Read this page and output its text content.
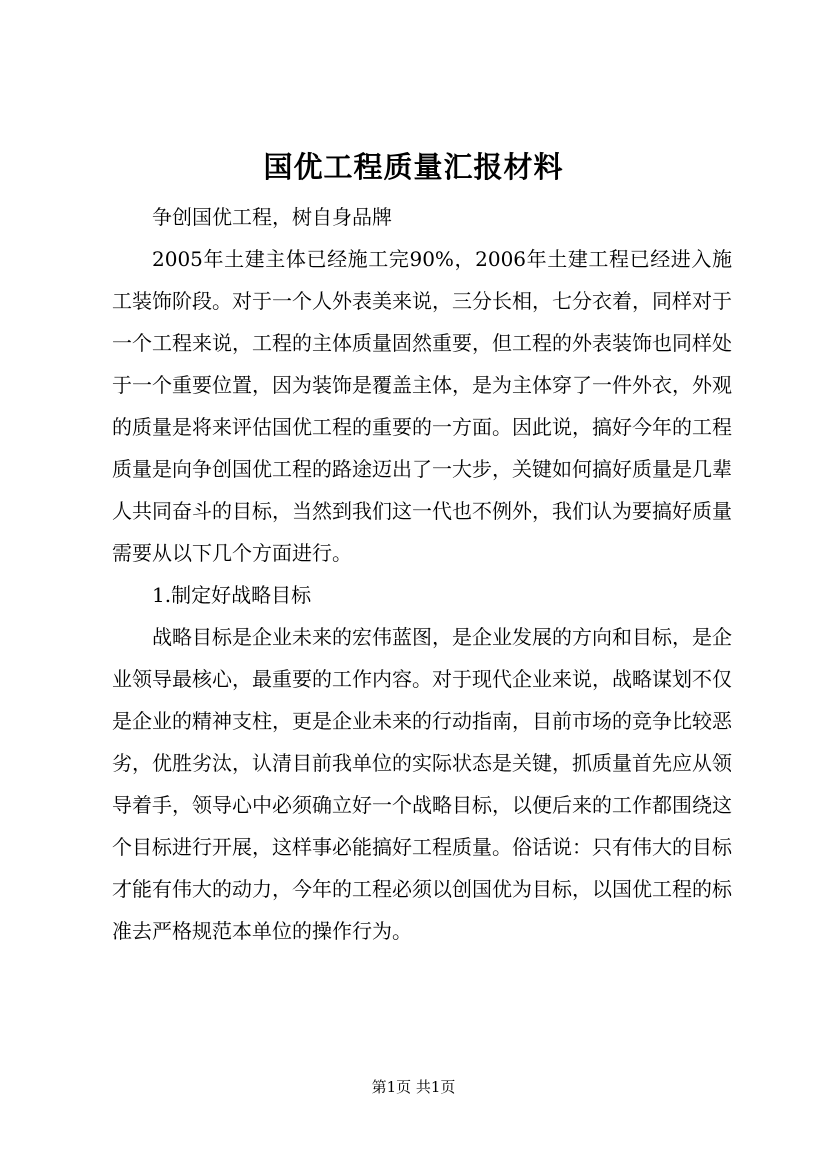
国优工程质量汇报材料

争创国优工程，树自身品牌

2005年土建主体已经施工完90%，2006年土建工程已经进入施工装饰阶段。对于一个人外表美来说，三分长相，七分衣着，同样对于一个工程来说，工程的主体质量固然重要，但工程的外表装饰也同样处于一个重要位置，因为装饰是覆盖主体，是为主体穿了一件外衣，外观的质量是将来评估国优工程的重要的一方面。因此说，搞好今年的工程质量是向争创国优工程的路途迈出了一大步，关键如何搞好质量是几辈人共同奋斗的目标，当然到我们这一代也不例外，我们认为要搞好质量需要从以下几个方面进行。

1.制定好战略目标

战略目标是企业未来的宏伟蓝图，是企业发展的方向和目标，是企业领导最核心，最重要的工作内容。对于现代企业来说，战略谋划不仅是企业的精神支柱，更是企业未来的行动指南，目前市场的竞争比较恶劣，优胜劣汰，认清目前我单位的实际状态是关键，抓质量首先应从领导着手，领导心中必须确立好一个战略目标，以便后来的工作都围绕这个目标进行开展，这样事必能搞好工程质量。俗话说：只有伟大的目标才能有伟大的动力，今年的工程必须以创国优为目标，以国优工程的标准去严格规范本单位的操作行为。

第1页 共1页
